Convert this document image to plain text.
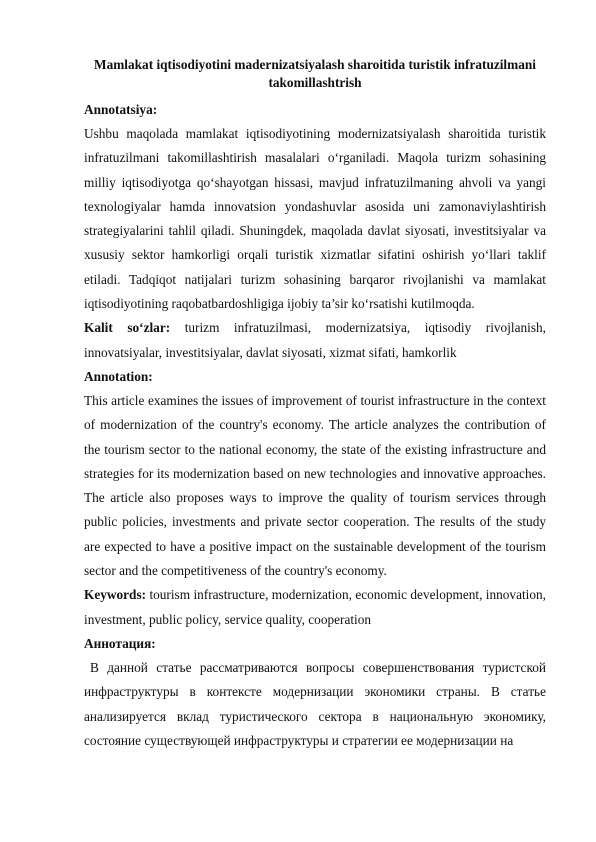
Mamlakat iqtisodiyotini madernizatsiyalash sharoitida turistik infratuzilmani takomillashtrish

Annotatsiya:

Ushbu maqolada mamlakat iqtisodiyotining modernizatsiyalash sharoitida turistik infratuzilmani takomillashtirish masalalari o‘rganiladi. Maqola turizm sohasining milliy iqtisodiyotga qo‘shayotgan hissasi, mavjud infratuzilmaning ahvoli va yangi texnologiyalar hamda innovatsion yondashuvlar asosida uni zamonaviylashtirish strategiyalarini tahlil qiladi. Shuningdek, maqolada davlat siyosati, investitsiyalar va xususiy sektor hamkorligi orqali turistik xizmatlar sifatini oshirish yo‘llari taklif etiladi. Tadqiqot natijalari turizm sohasining barqaror rivojlanishi va mamlakat iqtisodiyotining raqobatbardoshligiga ijobiy ta’sir ko‘rsatishi kutilmoqda.

Kalit so‘zlar: turizm infratuzilmasi, modernizatsiya, iqtisodiy rivojlanish, innovatsiyalar, investitsiyalar, davlat siyosati, xizmat sifati, hamkorlik

Annotation:

This article examines the issues of improvement of tourist infrastructure in the context of modernization of the country's economy. The article analyzes the contribution of the tourism sector to the national economy, the state of the existing infrastructure and strategies for its modernization based on new technologies and innovative approaches. The article also proposes ways to improve the quality of tourism services through public policies, investments and private sector cooperation. The results of the study are expected to have a positive impact on the sustainable development of the tourism sector and the competitiveness of the country's economy.

Keywords: tourism infrastructure, modernization, economic development, innovation, investment, public policy, service quality, cooperation

Аннотация:

В данной статье рассматриваются вопросы совершенствования туристской инфраструктуры в контексте модернизации экономики страны. В статье анализируется вклад туристического сектора в национальную экономику, состояние существующей инфраструктуры и стратегии ее модернизации на
